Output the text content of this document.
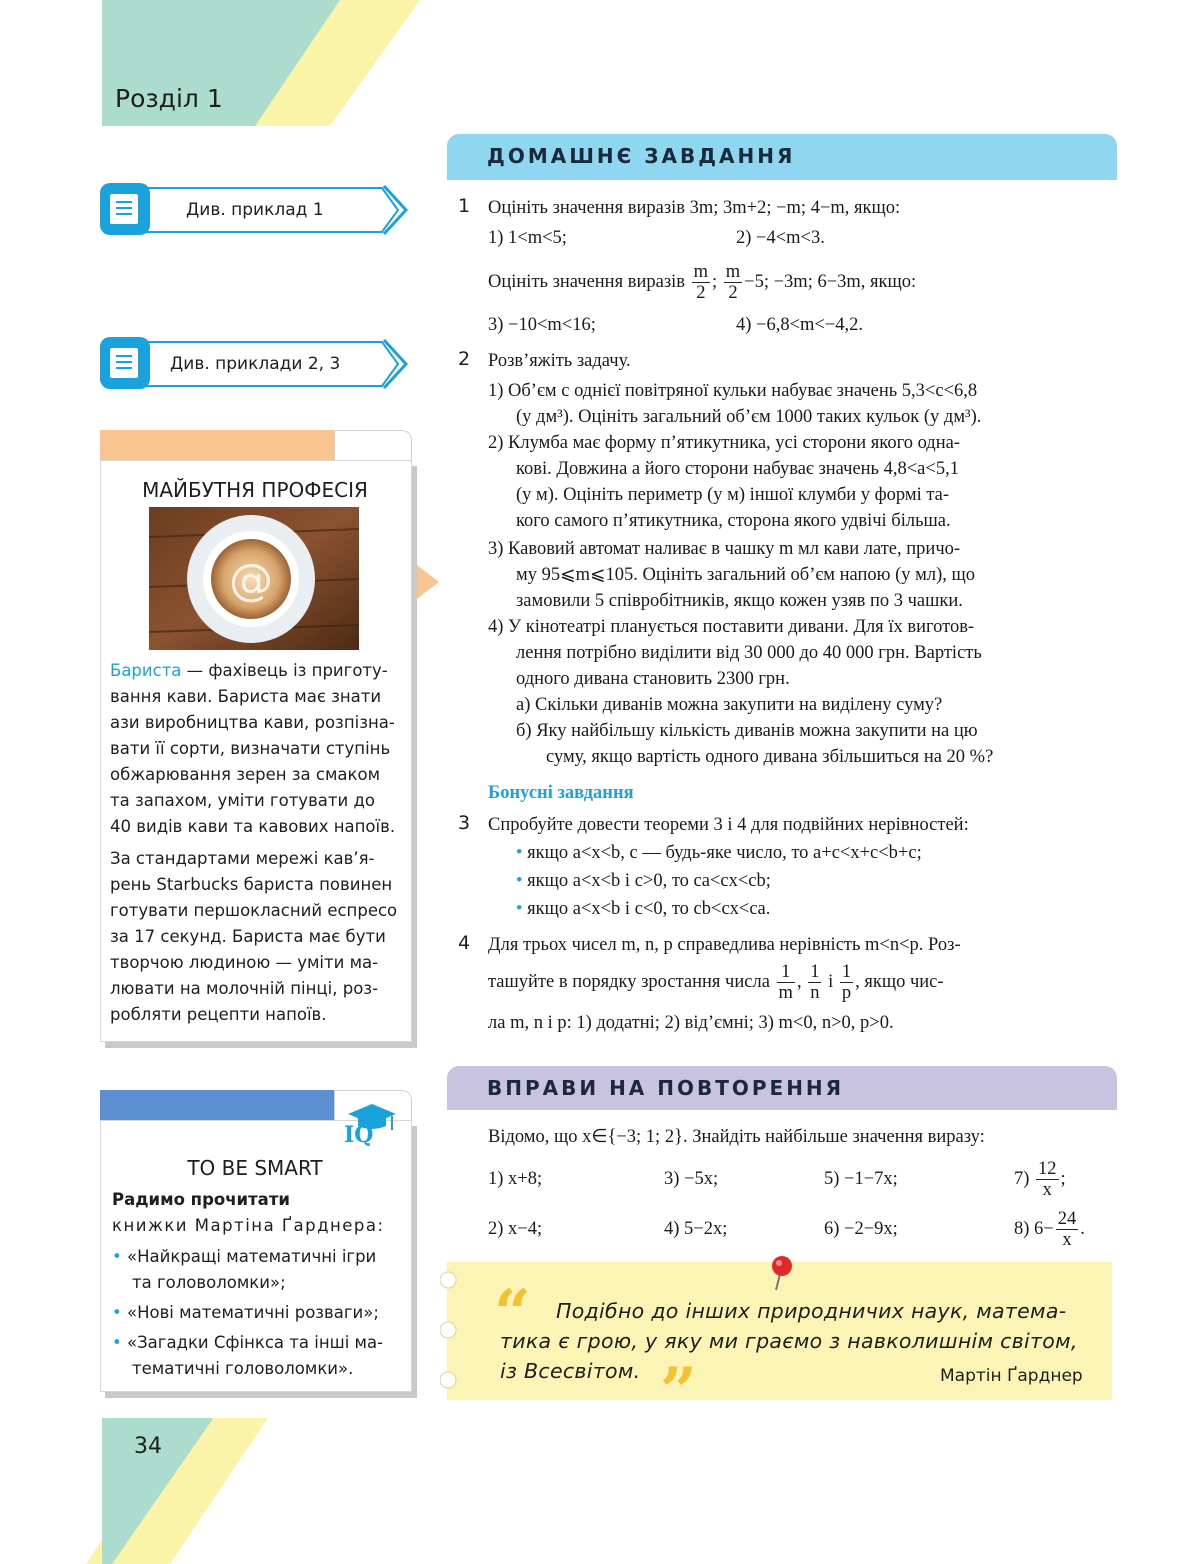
Розділ 1
Див. приклад 1
Див. приклади 2, 3
ДОМАШНЄ ЗАВДАННЯ
1 Оцініть значення виразів 3m; 3m+2; −m; 4−m, якщо:
1) 1<m<5;	2) −4<m<3.
Оцініть значення виразів $\frac{m}{2}$ ; $\frac{m}{2} -5$; −3m; 6−3m, якщо:
3) −10<m<16;	4) −6,8<m<−4,2.
2 Розв’яжіть задачу.
1) Об’єм c однієї повітряної кульки набуває значень 5,3<c<6,8
(у дм³). Оцініть загальний об’єм 1000 таких кульок (у дм³).
2) Клумба має форму п’ятикутника, усі сторони якого одна-
кові. Довжина a його сторони набуває значень 4,8<a<5,1
(у м). Оцініть периметр (у м) іншої клумби у формі та-
кого самого п’ятикутника, сторона якого удвічі більша.
3) Кавовий автомат наливає в чашку m мл кави лате, причо-
му 95⩽m⩽105. Оцініть загальний об’єм напою (у мл), що
замовили 5 співробітників, якщо кожен узяв по 3 чашки.
4) У кінотеатрі планується поставити дивани. Для їх виготов-
лення потрібно виділити від 30 000 до 40 000 грн. Вартість
одного дивана становить 2300 грн.
а) Скільки диванів можна закупити на виділену суму?
б) Яку найбільшу кількість диванів можна закупити на цю
суму, якщо вартість одного дивана збільшиться на 20 %?
Бонусні завдання
3 Спробуйте довести теореми 3 і 4 для подвійних нерівностей:
• якщо a<x<b, c — будь-яке число, то a+c<x+c<b+c;
• якщо a<x<b і c>0, то ca<cx<cb;
• якщо a<x<b і c<0, то cb<cx<ca.
4 Для трьох чисел m, n, p справедлива нерівність m<n<p. Роз-
ташуйте в порядку зростання числа $\frac{1}{m}$ , $\frac{1}{n}$ і $\frac{1}{p}$ , якщо чис-
ла m, n і p: 1) додатні; 2) від’ємні; 3) m<0, n>0, p>0.
ВПРАВИ НА ПОВТОРЕННЯ
Відомо, що x∈{−3; 1; 2}. Знайдіть найбільше значення виразу:
1) x+8;	3) −5x;	5) −1−7x;	$7) \frac{12}{x}$ ;
2) x−4;	4) 5−2x;	6) −2−9x;	8) $6- \frac{24}{x}$ .
МАЙБУТНЯ ПРОФЕСІЯ
@
Бариста — фахівець із приготу-
вання кави. Бариста має знати
ази виробництва кави, розпізна-
вати її сорти, визначати ступінь
обжарювання зерен за смаком
та запахом, уміти готувати до
40 видів кави та кавових напоїв.
За стандартами мережі кав’я-
рень Starbucks бариста повинен
готувати першокласний еспресо
за 17 секунд. Бариста має бути
творчою людиною — уміти ма-
лювати на молочній пінці, роз-
робляти рецепти напоїв.
IQ
TO BE SMART
Радимо прочитати
книжки Мартіна Ґарднера:
• «Найкращі математичні ігри
та головоломки»;
• «Нові математичні розваги»;
• «Загадки Сфінкса та інші ма-
тематичні головоломки».
“
”
Подібно до інших природничих наук, матема-
тика є грою, у яку ми граємо з навколишнім світом,
із Всесвітом.	Мартін Ґарднер
34
